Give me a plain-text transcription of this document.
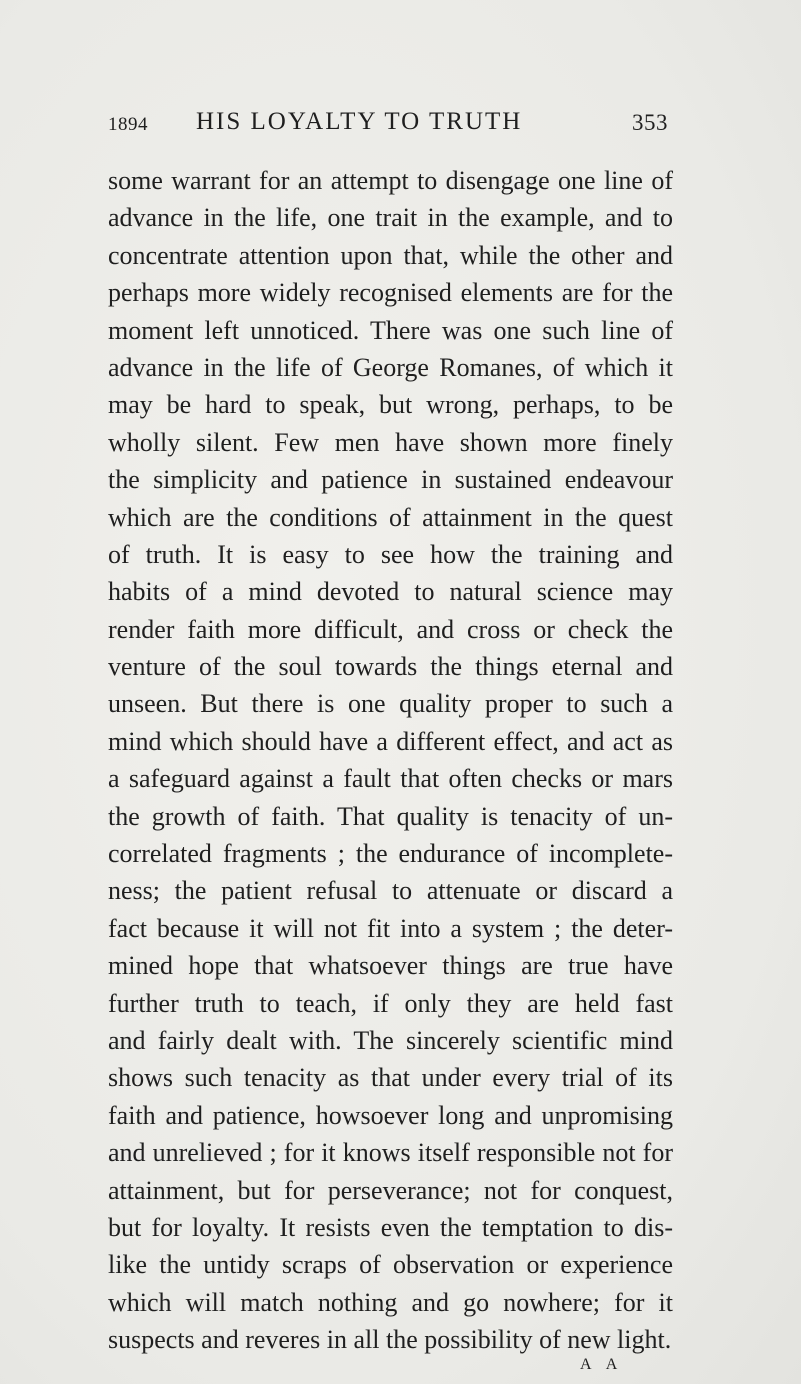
1894 HIS LOYALTY TO TRUTH	353
some warrant for an attempt to disengage one line of
advance in the life, one trait in the example, and to
concentrate attention upon that, while the other and
perhaps more widely recognised elements are for the
moment left unnoticed. There was one such line of
advance in the life of George Romanes, of which it
may be hard to speak, but wrong, perhaps, to be
wholly silent. Few men have shown more finely
the simplicity and patience in sustained endeavour
which are the conditions of attainment in the quest
of truth. It is easy to see how the training and
habits of a mind devoted to natural science may
render faith more difficult, and cross or check the
venture of the soul towards the things eternal and
unseen. But there is one quality proper to such a
mind which should have a different effect, and act as
a safeguard against a fault that often checks or mars
the growth of faith. That quality is tenacity of un-
correlated fragments ; the endurance of incomplete-
ness; the patient refusal to attenuate or discard a
fact because it will not fit into a system ; the deter-
mined hope that whatsoever things are true have
further truth to teach, if only they are held fast
and fairly dealt with. The sincerely scientific mind
shows such tenacity as that under every trial of its
faith and patience, howsoever long and unpromising
and unrelieved ; for it knows itself responsible not for
attainment, but for perseverance; not for conquest,
but for loyalty. It resists even the temptation to dis-
like the untidy scraps of observation or experience
which will match nothing and go nowhere; for it
suspects and reveres in all the possibility of new light.
A A
